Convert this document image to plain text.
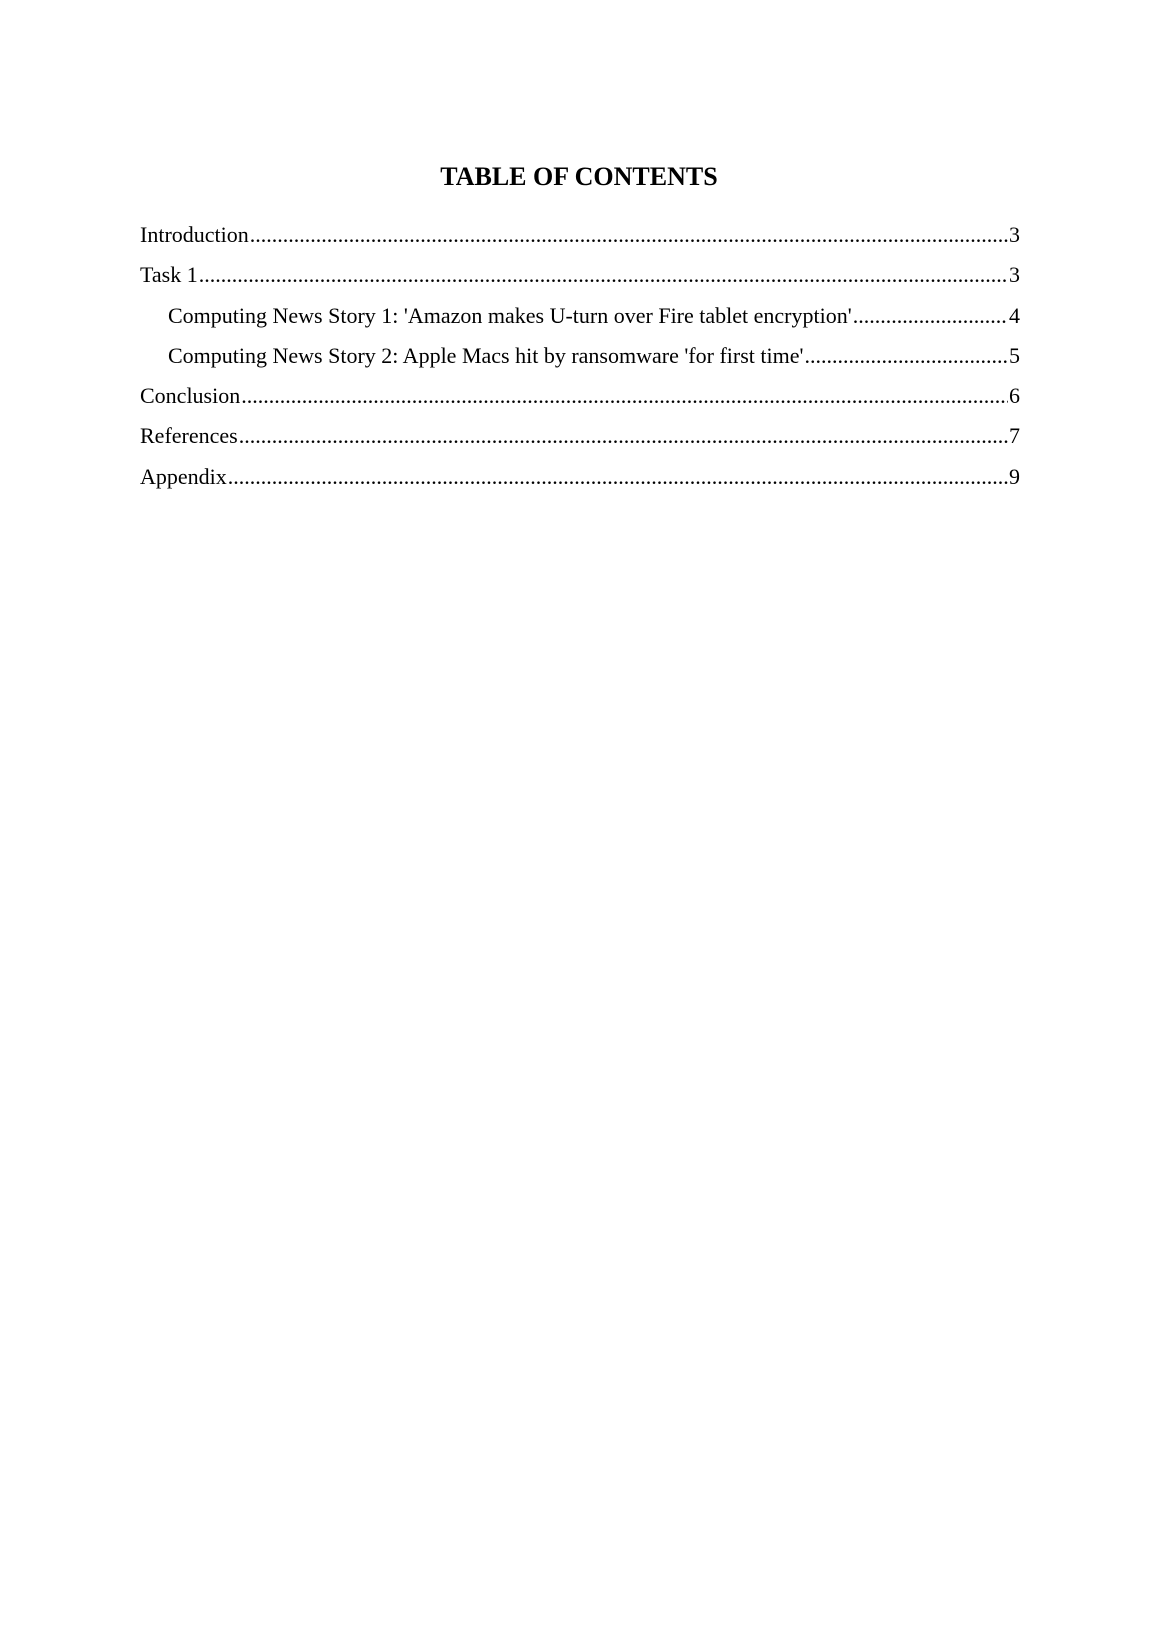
TABLE OF CONTENTS
Introduction .....	3
Task 1 .....	3
Computing News Story 1: 'Amazon makes U-turn over Fire tablet encryption' .....	4
Computing News Story 2: Apple Macs hit by ransomware 'for first time' .....	5
Conclusion .....	6
References .....	7
Appendix .....	9
